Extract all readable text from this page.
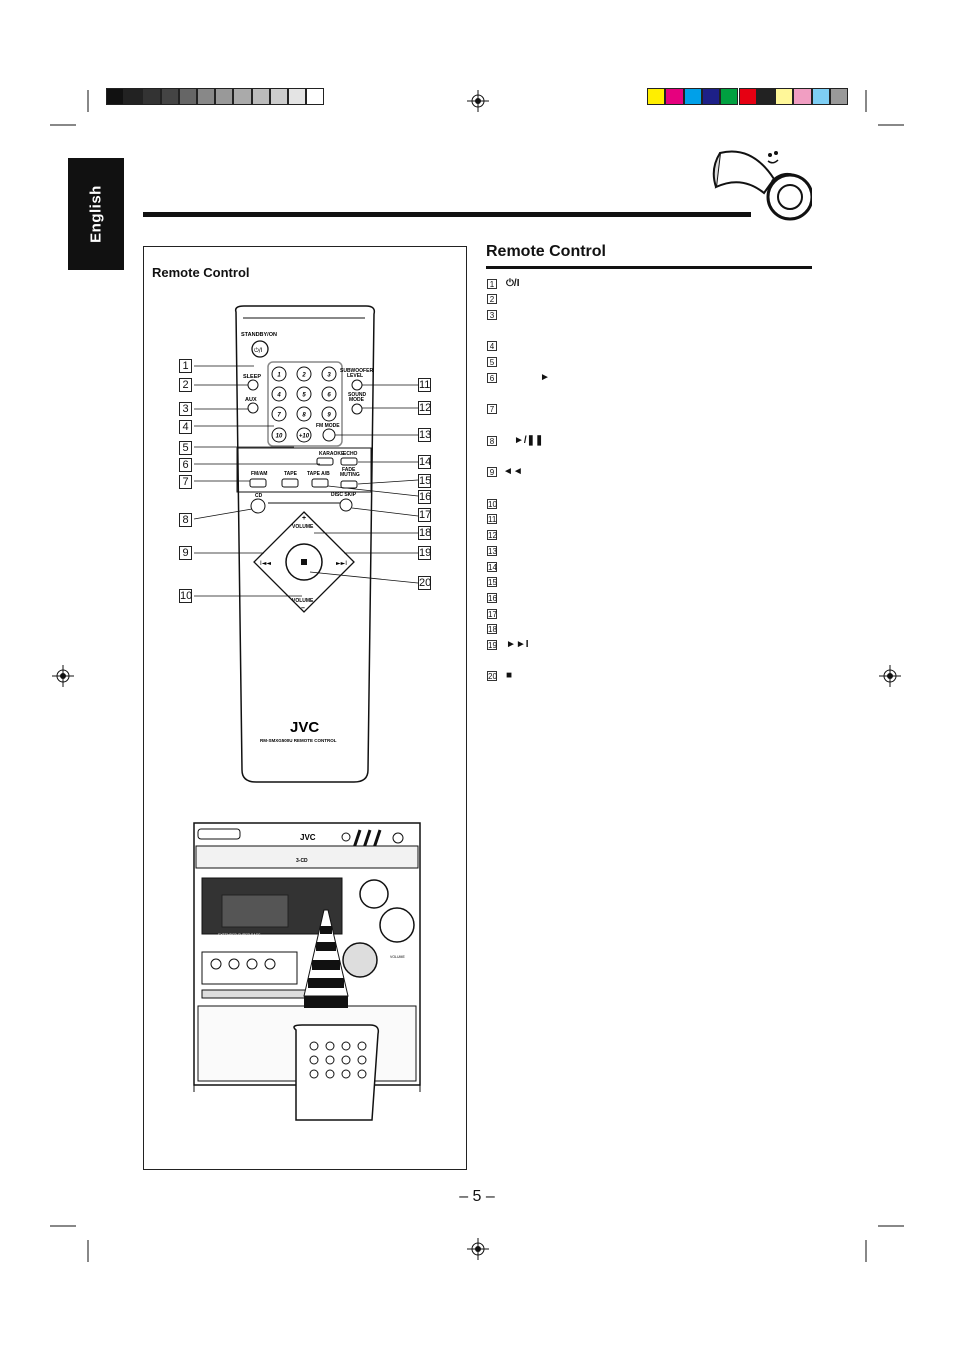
English
Remote Control
STANDBY/ON
⏻/I
SLEEP
AUX
1	2	3
4	5	6
7	8	9
10	+10
SUBWOOFER LEVEL
SOUND MODE
FM MODE
KARAOKE
ECHO
FADE MUTING
FM/AM	TAPE TAPE A/B
CD	DISC SKIP
+
VOLUME
VOLUME
–
I◄◄	►►I
JVC
RM-SMXG500U REMOTE CONTROL
1
2
3
4
5
6
7
8
9
10
11
12
13
14
15
16
17
18
19
20
JVC
3-CD
EXTENDED SUPER BASS
VOLUME
Remote Control
1 ⏻/I
2
3
4
5
6	►
7
8 ►/❚❚
9 ◄◄
10
11
12
13
14
15
16
17
18
19 ►►I
20 ■
– 5 –
